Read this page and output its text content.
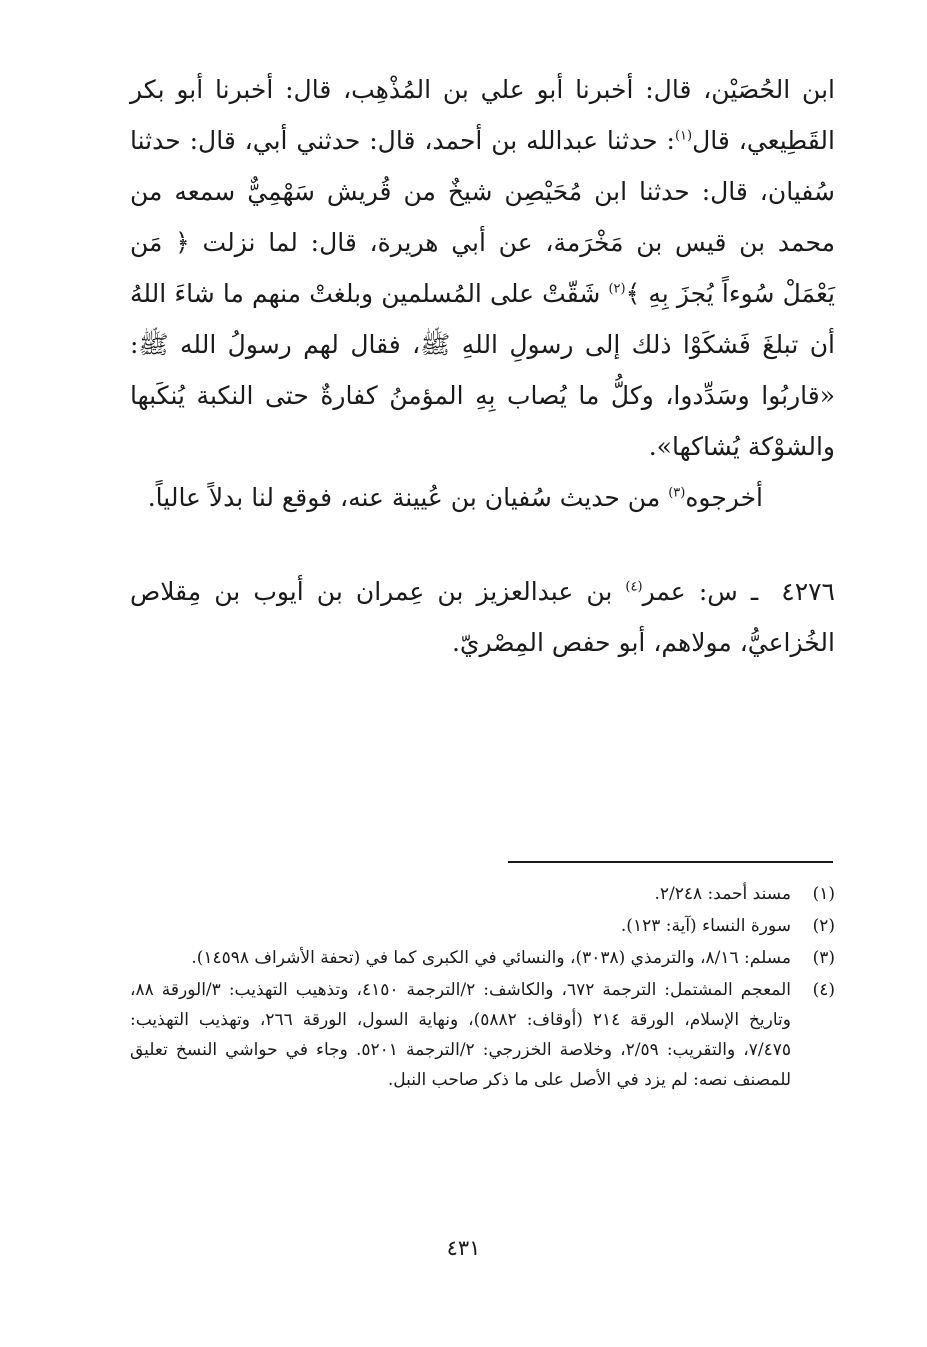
ابن الحُصَيْن، قال: أخبرنا أبو علي بن المُذْهِب، قال: أخبرنا أبو بكر القَطِيعي، قال$^{(١)}$: حدثنا عبدالله بن أحمد، قال: حدثني أبي، قال: حدثنا سُفيان، قال: حدثنا ابن مُحَيْصِن شيخٌ من قُريش سَهْمِيٌّ سمعه من محمد بن قيس بن مَخْرَمة، عن أبي هريرة، قال: لما نزلت ﴿ مَن يَعْمَلْ سُوءاً يُجزَ بِهِ ﴾$^{(٢)}$ شَقّتْ على المُسلمين وبلغتْ منهم ما شاءَ اللهُ أن تبلغَ فَشكَوْا ذلك إلى رسولِ اللهِ ﷺ، فقال لهم رسولُ الله ﷺ: «قاربُوا وسَدِّدوا، وكلُّ ما يُصاب بِهِ المؤمنُ كفارةٌ حتى النكبة يُنكَبها والشوْكة يُشاكها».

أخرجوه$^{(٣)}$ من حديث سُفيان بن عُيينة عنه، فوقع لنا بدلاً عالياً.

٤٢٧٦ ـ س: عمر$^{(٤)}$ بن عبدالعزيز بن عِمران بن أيوب بن مِقلاص الخُزاعيُّ، مولاهم، أبو حفص المِصْريّ.

(١)
مسند أحمد: ٢/٢٤٨.
(٢)
سورة النساء (آية: ١٢٣).
(٣)
مسلم: ٨/١٦، والترمذي (٣٠٣٨)، والنسائي في الكبرى كما في (تحفة الأشراف ١٤٥٩٨).
(٤)
المعجم المشتمل: الترجمة ٦٧٢، والكاشف: ٢/الترجمة ٤١٥٠، وتذهيب التهذيب: ٣/الورقة ٨٨، وتاريخ الإسلام، الورقة ٢١٤ (أوقاف: ٥٨٨٢)، ونهاية السول، الورقة ٢٦٦، وتهذيب التهذيب: ٧/٤٧٥، والتقريب: ٢/٥٩، وخلاصة الخزرجي: ٢/الترجمة ٥٢٠١. وجاء في حواشي النسخ تعليق للمصنف نصه: لم يزد في الأصل على ما ذكر صاحب النبل.
٤٣١
